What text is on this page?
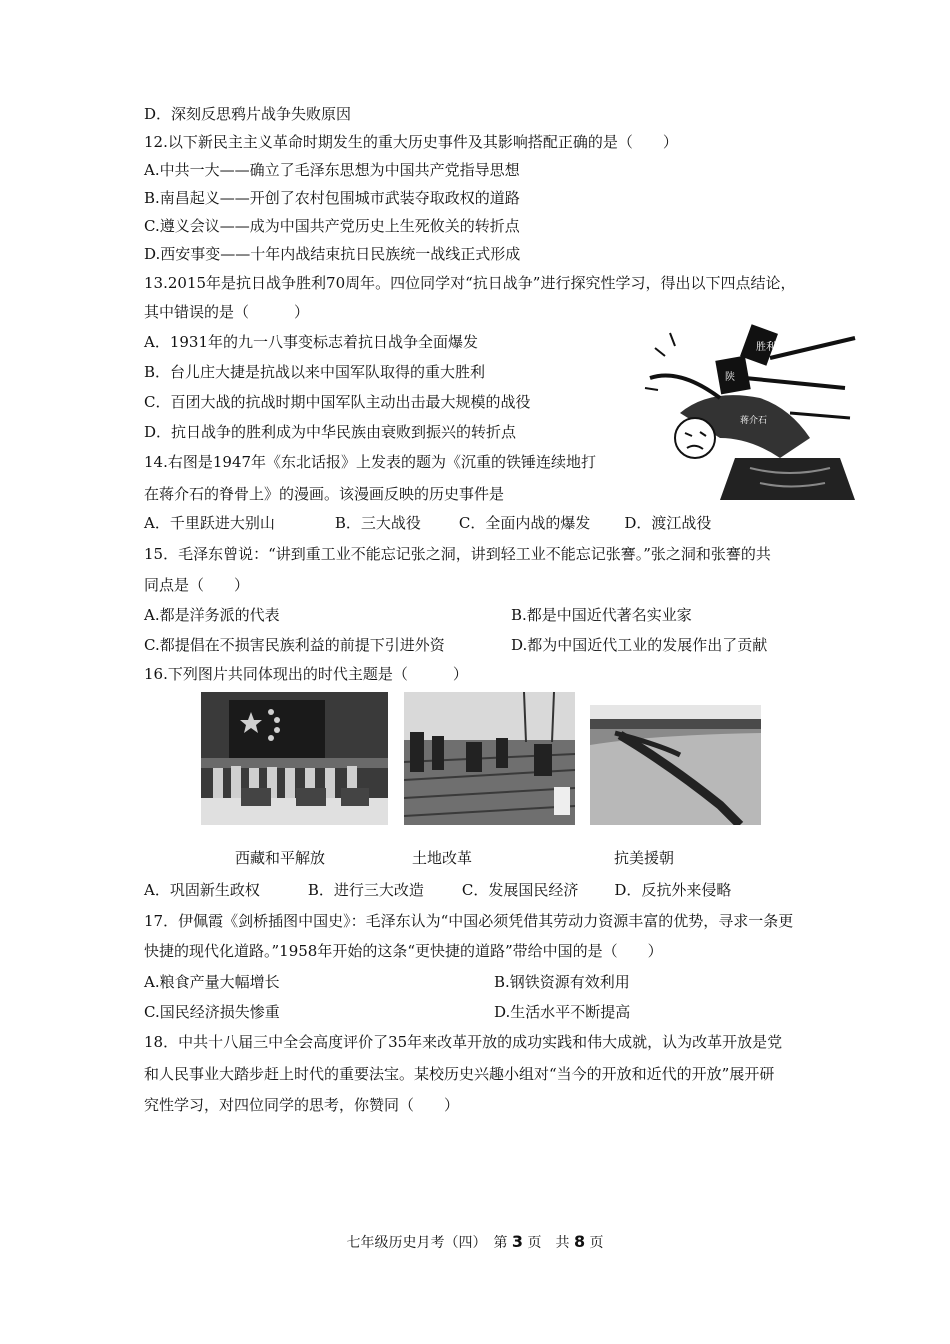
D．深刻反思鸦片战争失败原因
12.以下新民主主义革命时期发生的重大历史事件及其影响搭配正确的是（　　）
A.中共一大——确立了毛泽东思想为中国共产党指导思想
B.南昌起义——开创了农村包围城市武装夺取政权的道路
C.遵义会议——成为中国共产党历史上生死攸关的转折点
D.西安事变——十年内战结束抗日民族统一战线正式形成
13.2015年是抗日战争胜利70周年。四位同学对“抗日战争”进行探究性学习，得出以下四点结论，
其中错误的是（　　　）
A．1931年的九一八事变标志着抗日战争全面爆发
B．台儿庄大捷是抗战以来中国军队取得的重大胜利
C．百团大战的抗战时期中国军队主动出击最大规模的战役
D．抗日战争的胜利成为中华民族由衰败到振兴的转折点
胜利
陕
蒋介石
14.右图是1947年《东北话报》上发表的题为《沉重的铁锤连续地打
在蒋介石的脊骨上》的漫画。该漫画反映的历史事件是
A．千里跃进大别山	B．三大战役	C．全面内战的爆发 D．渡江战役
15．毛泽东曾说：“讲到重工业不能忘记张之洞，讲到轻工业不能忘记张謇。”张之洞和张謇的共
同点是（　　）
A.都是洋务派的代表	B.都是中国近代著名实业家
C.都提倡在不损害民族利益的前提下引进外资	D.都为中国近代工业的发展作出了贡献
16.下列图片共同体现出的时代主题是（　　　）
西藏和平解放	土地改革	抗美援朝
A．巩固新生政权	B．进行三大改造	C．发展国民经济 D．反抗外来侵略
17．伊佩霞《剑桥插图中国史》：毛泽东认为“中国必须凭借其劳动力资源丰富的优势，寻求一条更
快捷的现代化道路。”1958年开始的这条“更快捷的道路”带给中国的是（　　）
A.粮食产量大幅增长	B.钢铁资源有效利用
C.国民经济损失惨重	D.生活水平不断提高
18．中共十八届三中全会高度评价了35年来改革开放的成功实践和伟大成就，认为改革开放是党
和人民事业大踏步赶上时代的重要法宝。某校历史兴趣小组对“当今的开放和近代的开放”展开研
究性学习，对四位同学的思考，你赞同（　　）
七年级历史月考（四）　第 3 页　共 8 页
